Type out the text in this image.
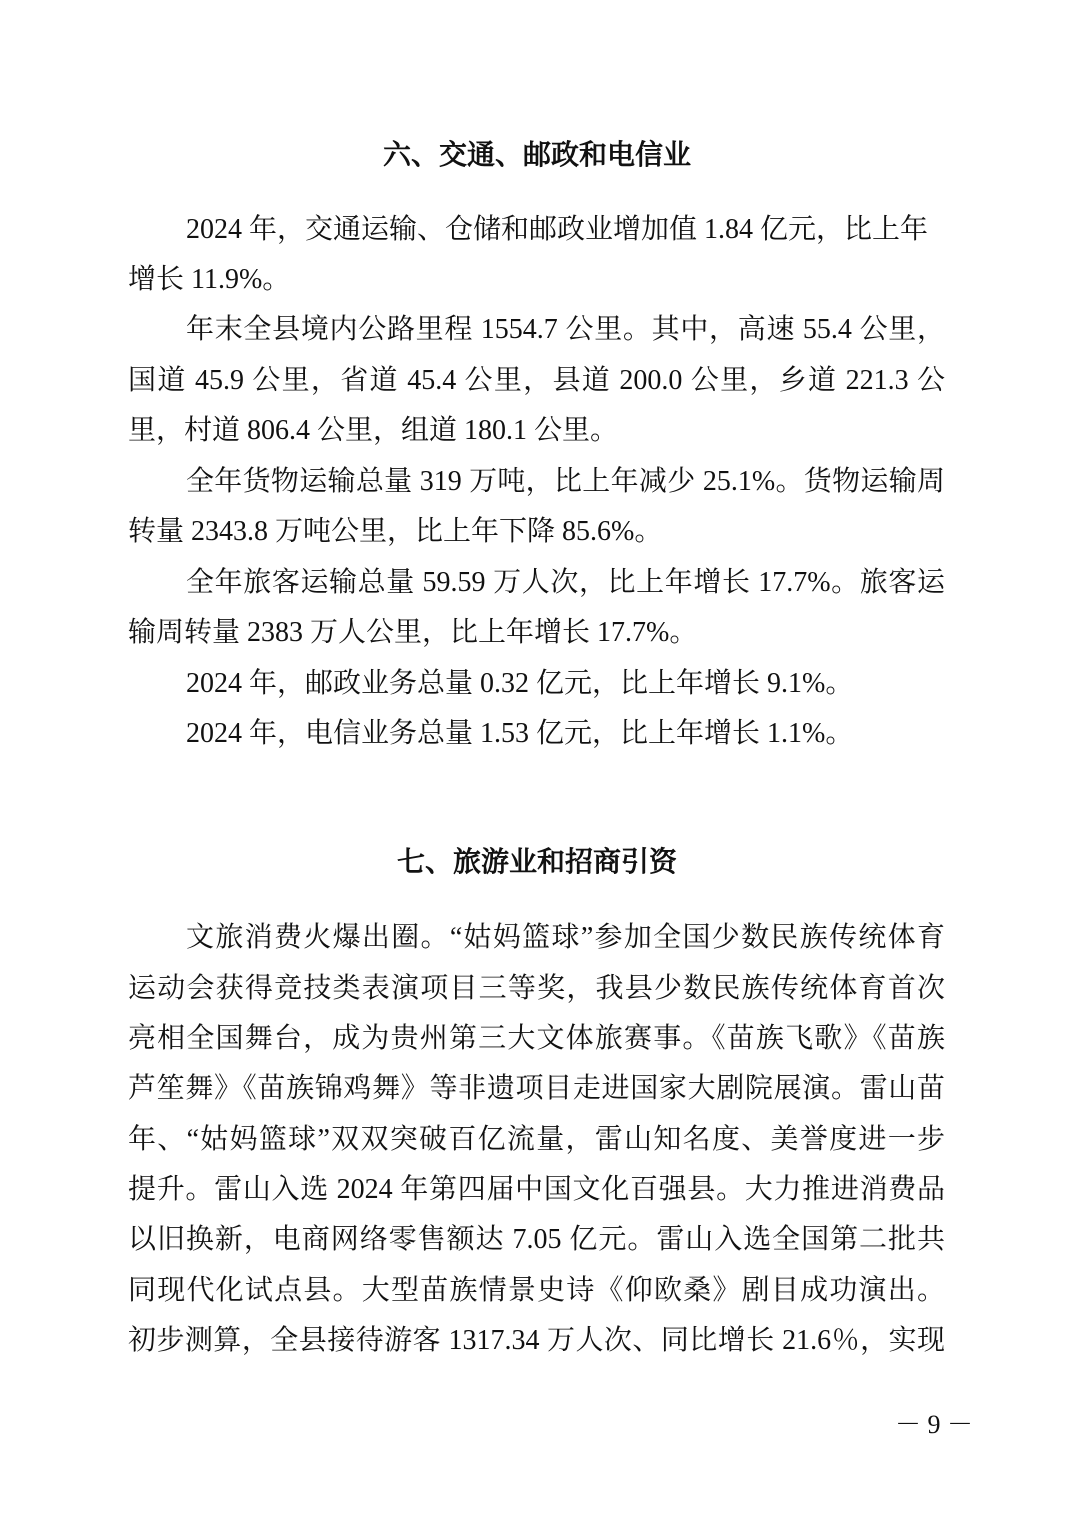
六、交通、邮政和电信业
2024 年，交通运输、仓储和邮政业增加值 1.84 亿元，比上年
增长 11.9%。
年末全县境内公路里程 1554.7 公里。其中，高速 55.4 公里，
国道 45.9 公里，省道 45.4 公里，县道 200.0 公里，乡道 221.3 公
里，村道 806.4 公里，组道 180.1 公里。
全年货物运输总量 319 万吨，比上年减少 25.1%。货物运输周
转量 2343.8 万吨公里，比上年下降 85.6%。
全年旅客运输总量 59.59 万人次，比上年增长 17.7%。旅客运
输周转量 2383 万人公里，比上年增长 17.7%。
2024 年，邮政业务总量 0.32 亿元，比上年增长 9.1%。
2024 年，电信业务总量 1.53 亿元，比上年增长 1.1%。
七、旅游业和招商引资
文旅消费火爆出圈。“姑妈篮球”参加全国少数民族传统体育
运动会获得竞技类表演项目三等奖，我县少数民族传统体育首次
亮相全国舞台，成为贵州第三大文体旅赛事。《苗族飞歌》《苗族
芦笙舞》《苗族锦鸡舞》等非遗项目走进国家大剧院展演。雷山苗
年、“姑妈篮球”双双突破百亿流量，雷山知名度、美誉度进一步
提升。雷山入选 2024 年第四届中国文化百强县。大力推进消费品
以旧换新，电商网络零售额达 7.05 亿元。雷山入选全国第二批共
同现代化试点县。大型苗族情景史诗《仰欧桑》剧目成功演出。
初步测算，全县接待游客 1317.34 万人次、同比增长 21.6％，实现
－ 9 －
